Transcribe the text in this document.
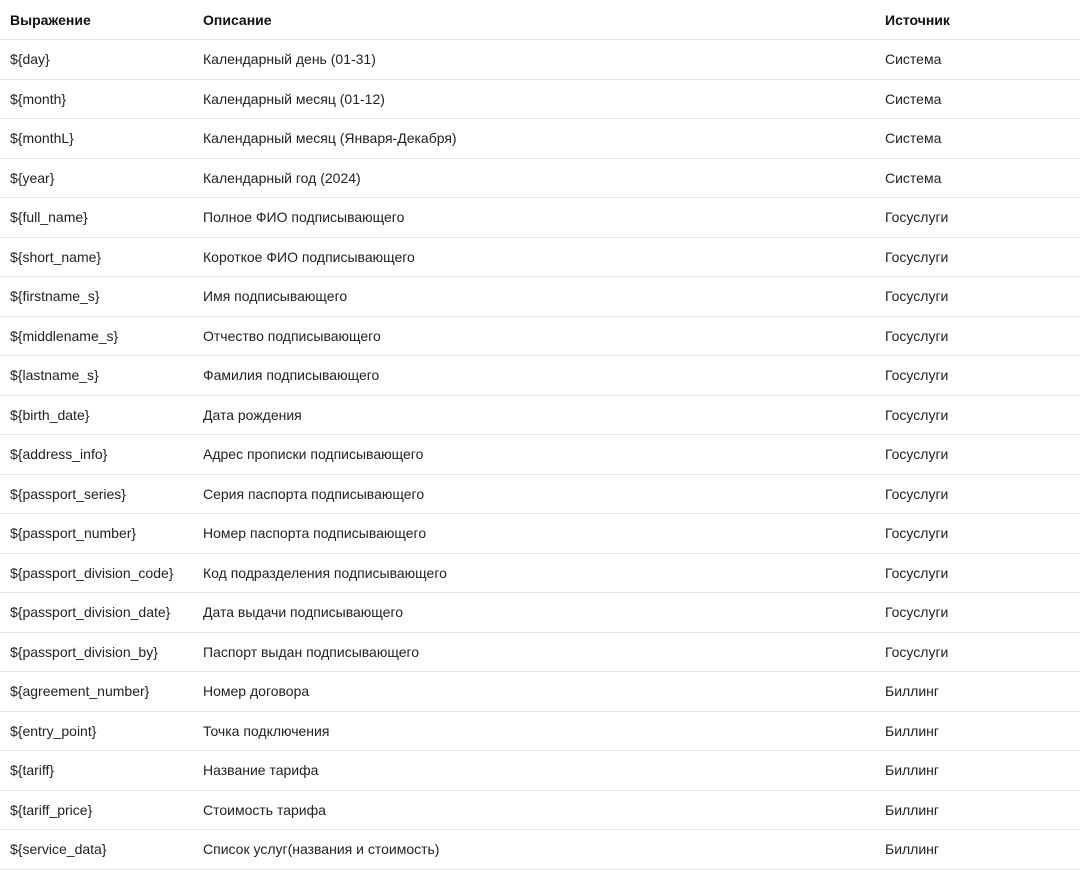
Выражение	Описание	Источник
${day}	Календарный день (01-31)	Система
${month}	Календарный месяц (01-12)	Система
${monthL}	Календарный месяц (Января-Декабря)	Система
${year}	Календарный год (2024)	Система
${full_name}	Полное ФИО подписывающего	Госуслуги
${short_name}	Короткое ФИО подписывающего	Госуслуги
${firstname_s}	Имя подписывающего	Госуслуги
${middlename_s}	Отчество подписывающего	Госуслуги
${lastname_s}	Фамилия подписывающего	Госуслуги
${birth_date}	Дата рождения	Госуслуги
${address_info}	Адрес прописки подписывающего	Госуслуги
${passport_series}	Серия паспорта подписывающего	Госуслуги
${passport_number}	Номер паспорта подписывающего	Госуслуги
${passport_division_code}	Код подразделения подписывающего	Госуслуги
${passport_division_date}	Дата выдачи подписывающего	Госуслуги
${passport_division_by}	Паспорт выдан подписывающего	Госуслуги
${agreement_number}	Номер договора	Биллинг
${entry_point}	Точка подключения	Биллинг
${tariff}	Название тарифа	Биллинг
${tariff_price}	Стоимость тарифа	Биллинг
${service_data}	Список услуг(названия и стоимость)	Биллинг
